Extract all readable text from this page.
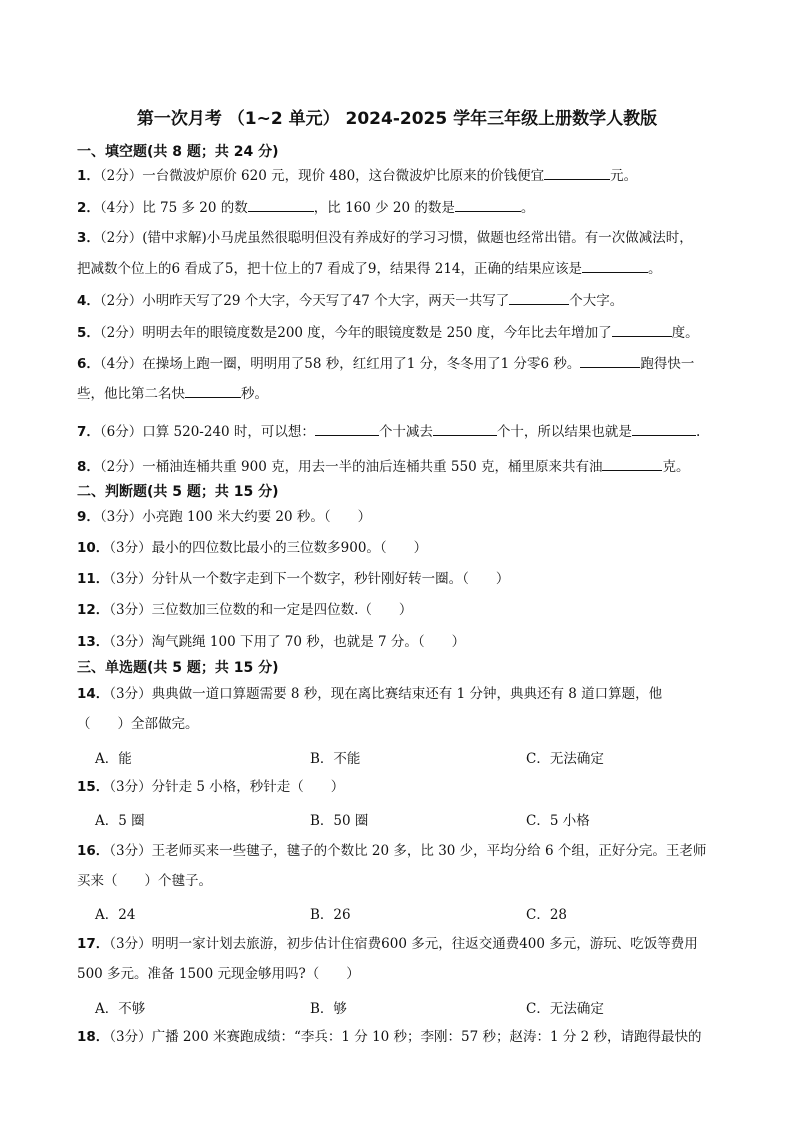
第一次月考 （1~2 单元） 2024-2025 学年三年级上册数学人教版
一、填空题(共 8 题；共 24 分)
1．（2分）一台微波炉原价 620 元，现价 480，这台微波炉比原来的价钱便宜	元。
2．（4分）比 75 多 20 的数	，比 160 少 20 的数是	。
3．（2分）(错中求解)小马虎虽然很聪明但没有养成好的学习习惯，做题也经常出错。有一次做减法时，
把减数个位上的6 看成了5，把十位上的7 看成了9，结果得 214，正确的结果应该是	。
4．（2分）小明昨天写了29 个大字，今天写了47 个大字，两天一共写了	个大字。
5．（2分）明明去年的眼镜度数是200 度，今年的眼镜度数是 250 度，今年比去年增加了	度。
6．（4分）在操场上跑一圈，明明用了58 秒，红红用了1 分，冬冬用了1 分零6 秒。	跑得快一
些，他比第二名快	秒。
7．（6分）口算 520-240 时，可以想：	个十减去	个十，所以结果也就是	.
8．（2分）一桶油连桶共重 900 克，用去一半的油后连桶共重 550 克，桶里原来共有油	克。
二、判断题(共 5 题；共 15 分)
9．（3分）小亮跑 100 米大约要 20 秒。（　　）
10．（3分）最小的四位数比最小的三位数多900。（　　）
11．（3分）分针从一个数字走到下一个数字，秒针刚好转一圈。（　　）
12．（3分）三位数加三位数的和一定是四位数.（　　）
13．（3分）淘气跳绳 100 下用了 70 秒，也就是 7 分。（　　）
三、单选题(共 5 题；共 15 分)
14．（3分）典典做一道口算题需要 8 秒，现在离比赛结束还有 1 分钟，典典还有 8 道口算题，他
（　　）全部做完。
A．能	B．不能	C．无法确定
15．（3分）分针走 5 小格，秒针走（　　）
A．5 圈	B．50 圈	C．5 小格
16．（3分）王老师买来一些毽子，毽子的个数比 20 多，比 30 少，平均分给 6 个组，正好分完。王老师
买来（　　）个毽子。
A．24	B．26	C．28
17．（3分）明明一家计划去旅游，初步估计住宿费600 多元，往返交通费400 多元，游玩、吃饭等费用
500 多元。准备 1500 元现金够用吗?（　　）
A．不够	B．够	C．无法确定
18．（3分）广播 200 米赛跑成绩：“李兵：1 分 10 秒；李刚：57 秒；赵涛：1 分 2 秒，请跑得最快的
